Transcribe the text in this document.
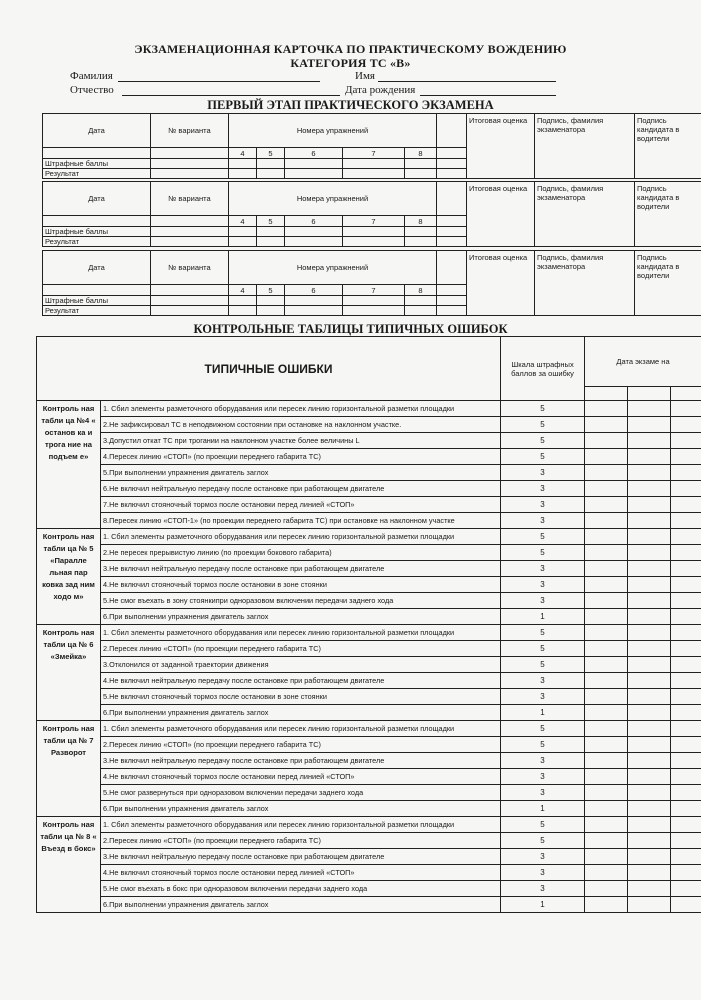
ЭКЗАМЕНАЦИОННАЯ КАРТОЧКА ПО ПРАКТИЧЕСКОМУ ВОЖДЕНИЮ
КАТЕГОРИЯ ТС «В»
Фамилия	Имя
Отчество	Дата рождения
ПЕРВЫЙ ЭТАП ПРАКТИЧЕСКОГО ЭКЗАМЕНА
Дата	№ варианта	Номера упражнений						Итоговая оценка	Подпись, фамилия экзаменатора	Подпись кандидата в водители
		4	5	6	7	8				
Штрафные баллы										
Результат										
Дата	№ варианта	Номера упражнений						Итоговая оценка	Подпись, фамилия экзаменатора	Подпись кандидата в водители
		4	5	6	7	8				
Штрафные баллы										
Результат										
Дата	№ варианта	Номера упражнений						Итоговая оценка	Подпись, фамилия экзаменатора	Подпись кандидата в водители
		4	5	6	7	8				
Штрафные баллы										
Результат										
КОНТРОЛЬНЫЕ ТАБЛИЦЫ ТИПИЧНЫХ ОШИБОК
ТИПИЧНЫЕ ОШИБКИ		Шкала штрафных баллов за ошибку	Дата экзаме на		

Контроль ная табли ца №4 « останов ка и трога ние на подъем е»	1. Сбил элементы разметочного оборудавания или пересек линию горизонтальной разметки площадки	5			
	2.Не зафиксировал ТС в неподвижном состоянии при остановке на наклонном участке.	5			
	3.Допустил откат ТС при трогании на наклонном участке более величины L	5			
	4.Пересек линию «СТОП» (по проекции переднего габарита ТС)	5			
	5.При выполнении упражнения двигатель заглох	3			
	6.Не включил нейтральную передачу после остановке при работающем двигателе	3			
	7.Не включил стояночный тормоз после остановки перед линией «СТОП»	3			
	8.Пересек линию «СТОП-1» (по проекции переднего габарита ТС) при остановке на наклонном участке	3			
Контроль ная табли ца № 5 «Паралле льная пар ковка зад ним ходо м»	1. Сбил элементы разметочного оборудавания или пересек линию горизонтальной разметки площадки	5			
	2.Не пересек прерывистую линию (по проекции бокового габарита)	5			
	3.Не включил нейтральную передачу после остановке при работающем двигателе	3			
	4.Не включил стояночный тормоз после остановки в зоне стоянки	3			
	5.Не смог въехать в зону стоянкипри одноразовом включении передачи заднего хода	3			
	6.При выполнении упражнения двигатель заглох	1			
Контроль ная табли ца № 6 «Змейка»	1. Сбил элементы разметочного оборудавания или пересек линию горизонтальной разметки площадки	5			
	2.Пересек линию «СТОП» (по проекции переднего габарита ТС)	5			
	3.Отклонился от заданной траектории движения	5			
	4.Не включил нейтральную передачу после остановке при работающем двигателе	3			
	5.Не включил стояночный тормоз после остановки в зоне стоянки	3			
	6.При выполнении упражнения двигатель заглох	1			
Контроль ная табли ца № 7 Разворот	1. Сбил элементы разметочного оборудавания или пересек линию горизонтальной разметки площадки	5			
	2.Пересек линию «СТОП» (по проекции переднего габарита ТС)	5			
	3.Не включил нейтральную передачу после остановке при работающем двигателе	3			
	4.Не включил стояночный тормоз после остановки перед линией «СТОП»	3			
	5.Не смог развернуться при одноразовом включении передачи заднего хода	3			
	6.При выполнении упражнения двигатель заглох	1			
Контроль ная табли ца № 8 « Въезд в бокс»	1. Сбил элементы разметочного оборудавания или пересек линию горизонтальной разметки площадки	5			
	2.Пересек линию «СТОП» (по проекции переднего габарита ТС)	5			
	3.Не включил нейтральную передачу после остановке при работающем двигателе	3			
	4.Не включил стояночный тормоз после остановки перед линией «СТОП»	3			
	5.Не смог въехать в бокс при одноразовом включении передачи заднего хода	3			
	6.При выполнении упражнения двигатель заглох	1			
